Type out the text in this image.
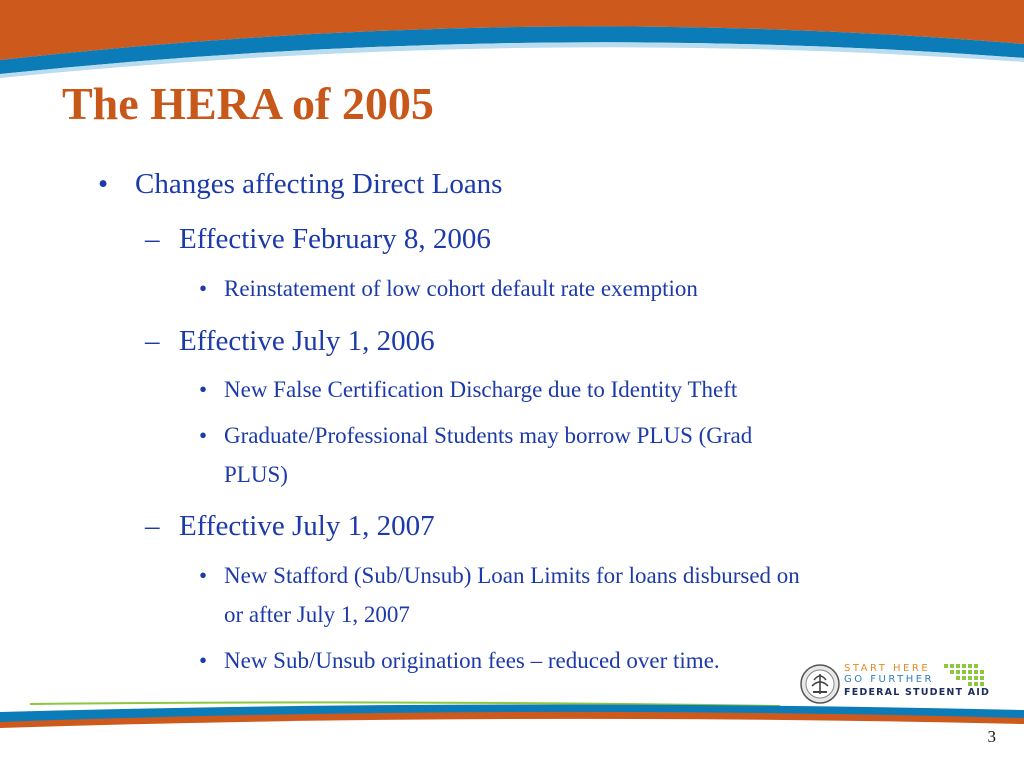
The HERA of 2005
• Changes affecting Direct Loans
– Effective February 8, 2006
• Reinstatement of low cohort default rate exemption
– Effective July 1, 2006
• New False Certification Discharge due to Identity Theft
• Graduate/Professional Students may borrow PLUS (Grad
PLUS)
– Effective July 1, 2007
• New Stafford (Sub/Unsub) Loan Limits for loans disbursed on
or after July 1, 2007
• New Sub/Unsub origination fees – reduced over time.	START HERE
GO FURTHER
FEDERAL STUDENT AID
3
